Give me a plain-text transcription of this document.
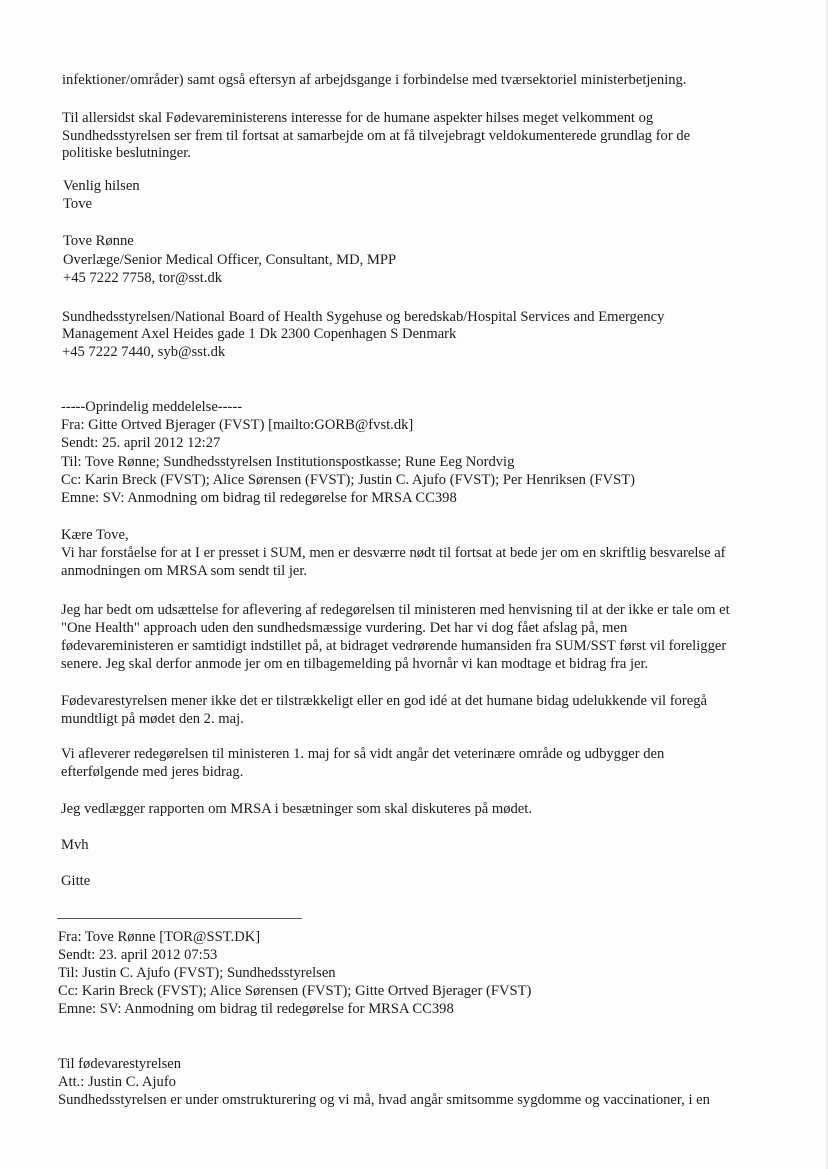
infektioner/områder) samt også eftersyn af arbejdsgange i forbindelse med tværsektoriel ministerbetjening.
Til allersidst skal Fødevareministerens interesse for de humane aspekter hilses meget velkomment og
Sundhedsstyrelsen ser frem til fortsat at samarbejde om at få tilvejebragt veldokumenterede grundlag for de
politiske beslutninger.
Venlig hilsen
Tove
Tove Rønne
Overlæge/Senior Medical Officer, Consultant, MD, MPP
+45 7222 7758, tor@sst.dk
Sundhedsstyrelsen/National Board of Health Sygehuse og beredskab/Hospital Services and Emergency
Management Axel Heides gade 1 Dk 2300 Copenhagen S Denmark
+45 7222 7440, syb@sst.dk
-----Oprindelig meddelelse-----
Fra: Gitte Ortved Bjerager (FVST) [mailto:GORB@fvst.dk]
Sendt: 25. april 2012 12:27
Til: Tove Rønne; Sundhedsstyrelsen Institutionspostkasse; Rune Eeg Nordvig
Cc: Karin Breck (FVST); Alice Sørensen (FVST); Justin C. Ajufo (FVST); Per Henriksen (FVST)
Emne: SV: Anmodning om bidrag til redegørelse for MRSA CC398
Kære Tove,
Vi har forståelse for at I er presset i SUM, men er desværre nødt til fortsat at bede jer om en skriftlig besvarelse af
anmodningen om MRSA som sendt til jer.
Jeg har bedt om udsættelse for aflevering af redegørelsen til ministeren med henvisning til at der ikke er tale om et
"One Health" approach uden den sundhedsmæssige vurdering. Det har vi dog fået afslag på, men
fødevareministeren er samtidigt indstillet på, at bidraget vedrørende humansiden fra SUM/SST først vil foreligger
senere. Jeg skal derfor anmode jer om en tilbagemelding på hvornår vi kan modtage et bidrag fra jer.
Fødevarestyrelsen mener ikke det er tilstrækkeligt eller en god idé at det humane bidag udelukkende vil foregå
mundtligt på mødet den 2. maj.
Vi afleverer redegørelsen til ministeren 1. maj for så vidt angår det veterinære område og udbygger den
efterfølgende med jeres bidrag.
Jeg vedlægger rapporten om MRSA i besætninger som skal diskuteres på mødet.
Mvh
Gitte
Fra: Tove Rønne [TOR@SST.DK]
Sendt: 23. april 2012 07:53
Til: Justin C. Ajufo (FVST); Sundhedsstyrelsen
Cc: Karin Breck (FVST); Alice Sørensen (FVST); Gitte Ortved Bjerager (FVST)
Emne: SV: Anmodning om bidrag til redegørelse for MRSA CC398
Til fødevarestyrelsen
Att.: Justin C. Ajufo
Sundhedsstyrelsen er under omstrukturering og vi må, hvad angår smitsomme sygdomme og vaccinationer, i en
